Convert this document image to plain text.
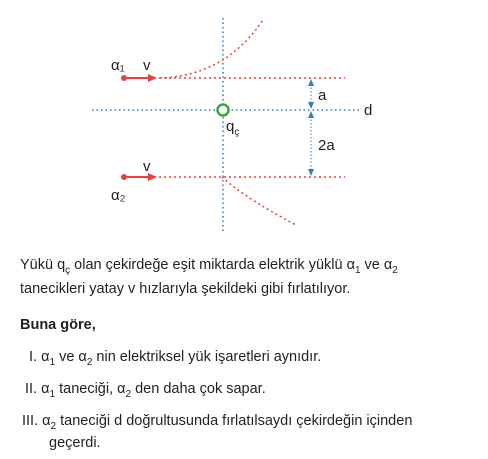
α₁ v
α₂
v
$q_ç$
d
a
2a
Yükü $q_ç$ olan çekirdeğe eşit miktarda elektrik yüklü $\alpha_1$ ve $\alpha_2$
tanecikleri yatay v hızlarıyla şekildeki gibi fırlatılıyor.
Buna göre,
I. $\alpha_1$ ve $\alpha_2$ nin elektriksel yük işaretleri aynıdır.
II. $\alpha_1$ taneciği, $\alpha_2$ den daha çok sapar.
III. $\alpha_2$ taneciği d doğrultusunda fırlatılsaydı çekirdeğin içinden
geçerdi.
